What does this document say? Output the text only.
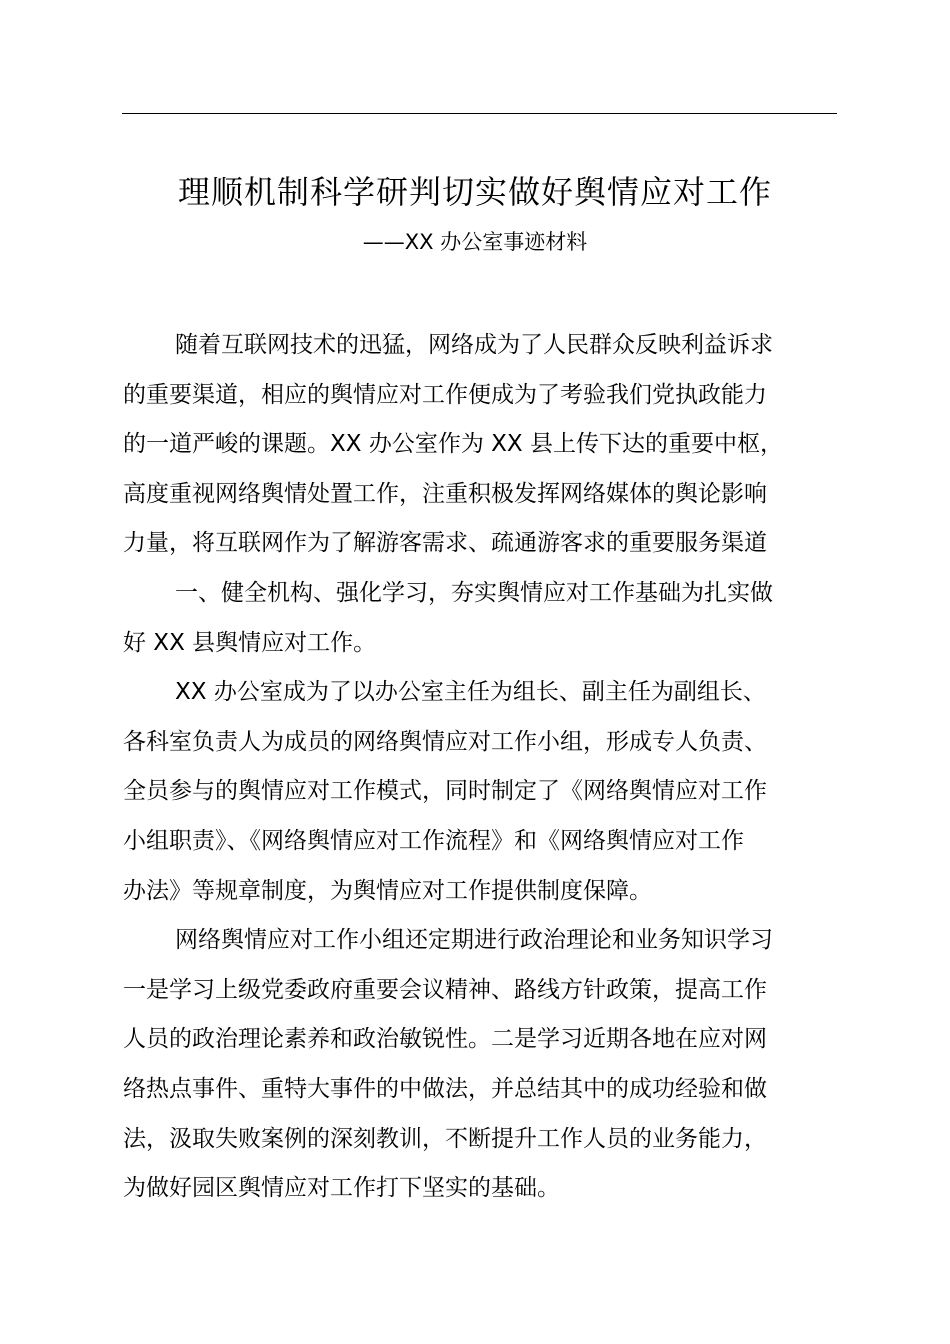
理顺机制科学研判切实做好舆情应对工作
——XX 办公室事迹材料
随着互联网技术的迅猛，网络成为了人民群众反映利益诉求
的重要渠道，相应的舆情应对工作便成为了考验我们党执政能力
的一道严峻的课题。XX 办公室作为 XX 县上传下达的重要中枢，
高度重视网络舆情处置工作，注重积极发挥网络媒体的舆论影响
力量，将互联网作为了解游客需求、疏通游客求的重要服务渠道
一、健全机构、强化学习，夯实舆情应对工作基础为扎实做
好 XX 县舆情应对工作。
XX 办公室成为了以办公室主任为组长、副主任为副组长、
各科室负责人为成员的网络舆情应对工作小组，形成专人负责、
全员参与的舆情应对工作模式，同时制定了《网络舆情应对工作
小组职责》、《网络舆情应对工作流程》和《网络舆情应对工作
办法》等规章制度，为舆情应对工作提供制度保障。
网络舆情应对工作小组还定期进行政治理论和业务知识学习
一是学习上级党委政府重要会议精神、路线方针政策，提高工作
人员的政治理论素养和政治敏锐性。二是学习近期各地在应对网
络热点事件、重特大事件的中做法，并总结其中的成功经验和做
法，汲取失败案例的深刻教训，不断提升工作人员的业务能力，
为做好园区舆情应对工作打下坚实的基础。
